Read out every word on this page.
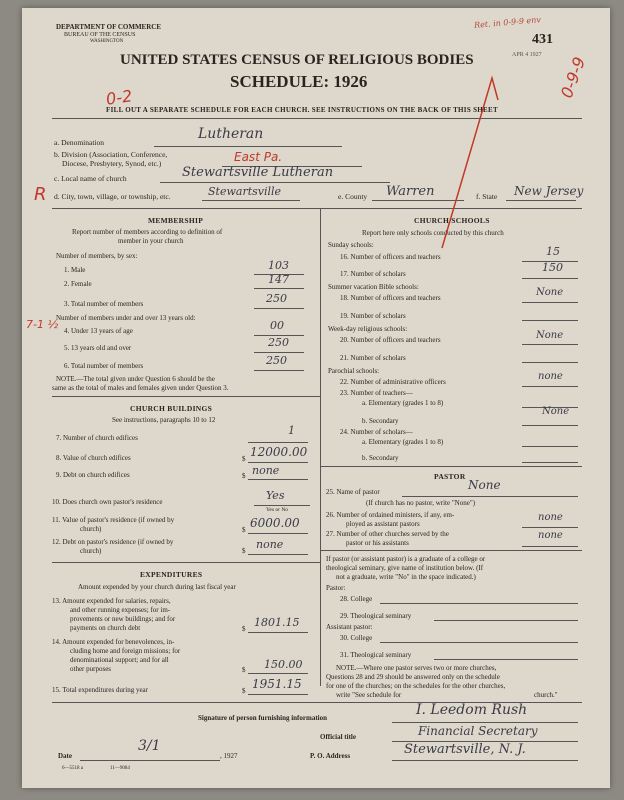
DEPARTMENT OF COMMERCE
BUREAU OF THE CENSUS
WASHINGTON
Ret. in 0-9-9 env
431
APR 4 1927
UNITED STATES CENSUS OF RELIGIOUS BODIES
SCHEDULE: 1926
0-2	0-9-9
FILL OUT A SEPARATE SCHEDULE FOR EACH CHURCH. SEE INSTRUCTIONS ON THE BACK OF THIS SHEET
a. Denomination
Lutheran
b. Division (Association, Conference,
Diocese, Presbytery, Synod, etc.)	East Pa.
c. Local name of church	Stewartsville Lutheran
R d. City, town, village, or township, etc.	Stewartsville	e. County Warren	f. State New Jersey
MEMBERSHIP
Report number of members according to definition of
member in your church
Number of members, by sex:
1. Male	103
2. Female	147
3. Total number of members	250
Number of members under and over 13 years old:
7-1 ½ 4. Under 13 years of age	00
5. 13 years old and over	250
6. Total number of members	250
NOTE.—The total given under Question 6 should be the
same as the total of males and females given under Question 3.
CHURCH BUILDINGS
See instructions, paragraphs 10 to 12
7. Number of church edifices
1
8. Value of church edifices	$ 12000.00
9. Debt on church edifices	$ none
10. Does church own pastor's residence	Yes
Yes or No
11. Value of pastor's residence (if owned by
church)	$ 6000.00
12. Debt on pastor's residence (if owned by
church)	$ none
EXPENDITURES
Amount expended by your church during last fiscal year
13. Amount expended for salaries, repairs,
and other running expenses; for im-
provements or new buildings; and for
payments on church debt	$ 1801.15
14. Amount expended for benevolences, in-
cluding home and foreign missions; for
denominational support; and for all
other purposes	$ 150.00
15. Total expenditures during year	$ 1951.15
CHURCH SCHOOLS
Report here only schools conducted by this church
Sunday schools:
16. Number of officers and teachers	15
17. Number of scholars	150
Summer vacation Bible schools:
18. Number of officers and teachers	None
19. Number of scholars
Week-day religious schools:
20. Number of officers and teachers	None
21. Number of scholars
Parochial schools:
22. Number of administrative officers	none
23. Number of teachers—
a. Elementary (grades 1 to 8)
b. Secondary
None
24. Number of scholars—
a. Elementary (grades 1 to 8)
b. Secondary
PASTOR
25. Name of pastor	None
(If church has no pastor, write "None")
26. Number of ordained ministers, if any, em-
ployed as assistant pastors
none
27. Number of other churches served by the
pastor or his assistants
none
If pastor (or assistant pastor) is a graduate of a college or
theological seminary, give name of institution below. (If
not a graduate, write "No" in the space indicated.)
Pastor:
28. College
29. Theological seminary
Assistant pastor:
30. College
31. Theological seminary
NOTE.—Where one pastor serves two or more churches,
Questions 28 and 29 should be answered only on the schedule
for one of the churches; on the schedules for the other churches,
write "See schedule for	church."
Signature of person furnishing information	I. Leedom Rush
Official title	Financial Secretary
Date
3/1
, 1927	P. O. Address	Stewartsville, N. J.
6—5518 a	11—9084
